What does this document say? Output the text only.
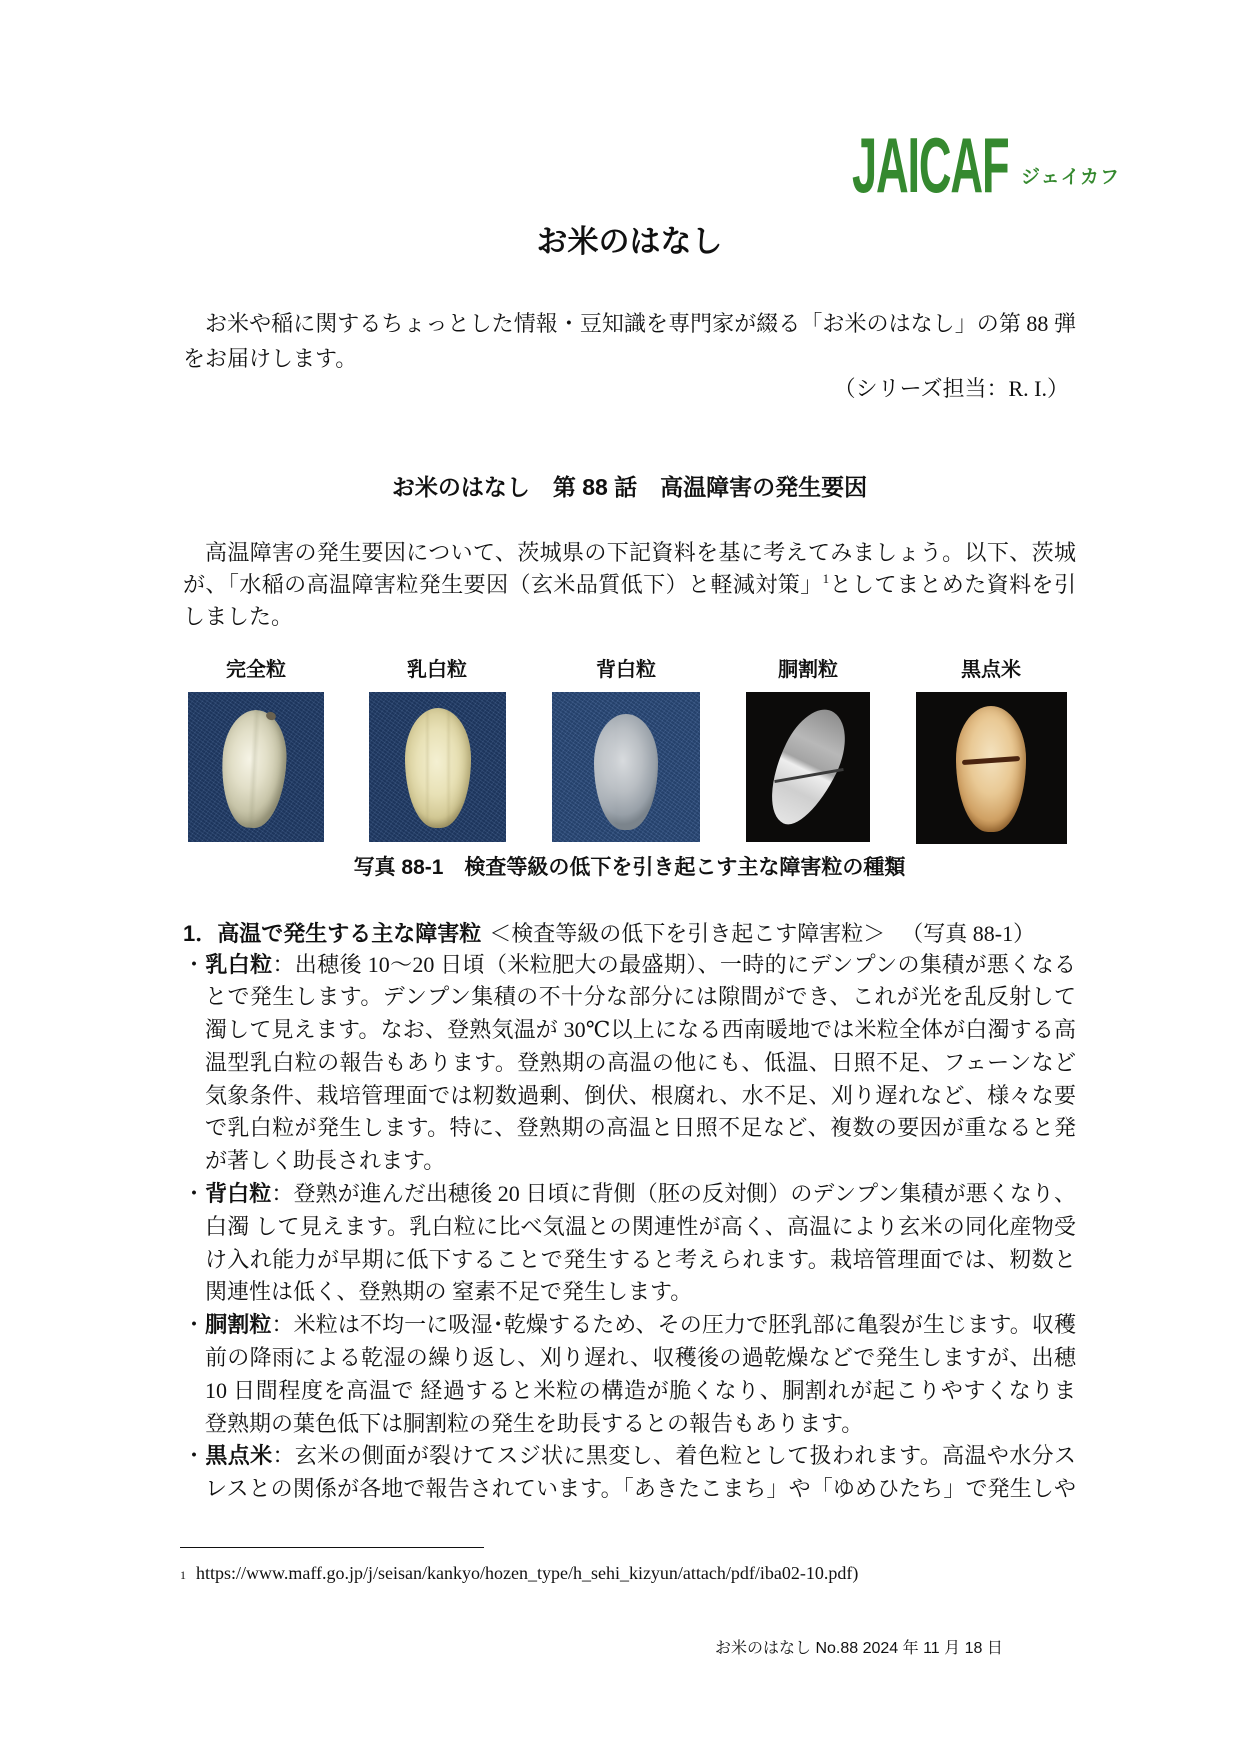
JAICAF ジェイカフ
お米のはなし
お米や稲に関するちょっとした情報・豆知識を専門家が綴る「お米のはなし」の第 88 弾
をお届けします。
（シリーズ担当：R. I.）
お米のはなし　第 88 話　高温障害の発生要因
高温障害の発生要因について、茨城県の下記資料を基に考えてみましょう。以下、茨城
が、「水稲の高温障害粒発生要因（玄米品質低下）と軽減対策」$^1$としてまとめた資料を引
しました。
完全粒	乳白粒	背白粒	胴割粒	黒点米
写真 88-1　検査等級の低下を引き起こす主な障害粒の種類
1．高温で発生する主な障害粒 ＜検査等級の低下を引き起こす障害粒＞ （写真 88-1）
・乳白粒：出穂後 10～20 日頃（米粒肥大の最盛期）、一時的にデンプンの集積が悪くなる
とで発生します。デンプン集積の不十分な部分には隙間ができ、これが光を乱反射して
濁して見えます。なお、登熟気温が 30℃以上になる西南暖地では米粒全体が白濁する高
温型乳白粒の報告もあります。登熟期の高温の他にも、低温、日照不足、フェーンなど
気象条件、栽培管理面では籾数過剰、倒伏、根腐れ、水不足、刈り遅れなど、様々な要
で乳白粒が発生します。特に、登熟期の高温と日照不足など、複数の要因が重なると発
が著しく助長されます。
・背白粒：登熟が進んだ出穂後 20 日頃に背側（胚の反対側）のデンプン集積が悪くなり、
白濁 して見えます。乳白粒に比べ気温との関連性が高く、高温により玄米の同化産物受
け入れ能力が早期に低下することで発生すると考えられます。栽培管理面では、籾数と
関連性は低く、登熟期の 窒素不足で発生します。
・胴割粒：米粒は不均一に吸湿･乾燥するため、その圧力で胚乳部に亀裂が生じます。収穫
前の降雨による乾湿の繰り返し、刈り遅れ、収穫後の過乾燥などで発生しますが、出穂
10 日間程度を高温で 経過すると米粒の構造が脆くなり、胴割れが起こりやすくなりま
登熟期の葉色低下は胴割粒の発生を助長するとの報告もあります。
・黒点米：玄米の側面が裂けてスジ状に黒変し、着色粒として扱われます。高温や水分ス
レスとの関係が各地で報告されています。「あきたこまち」や「ゆめひたち」で発生しや
$^1$ https://www.maff.go.jp/j/seisan/kankyo/hozen_type/h_sehi_kizyun/attach/pdf/iba02-10.pdf)
お米のはなし No.88 2024 年 11 月 18 日
